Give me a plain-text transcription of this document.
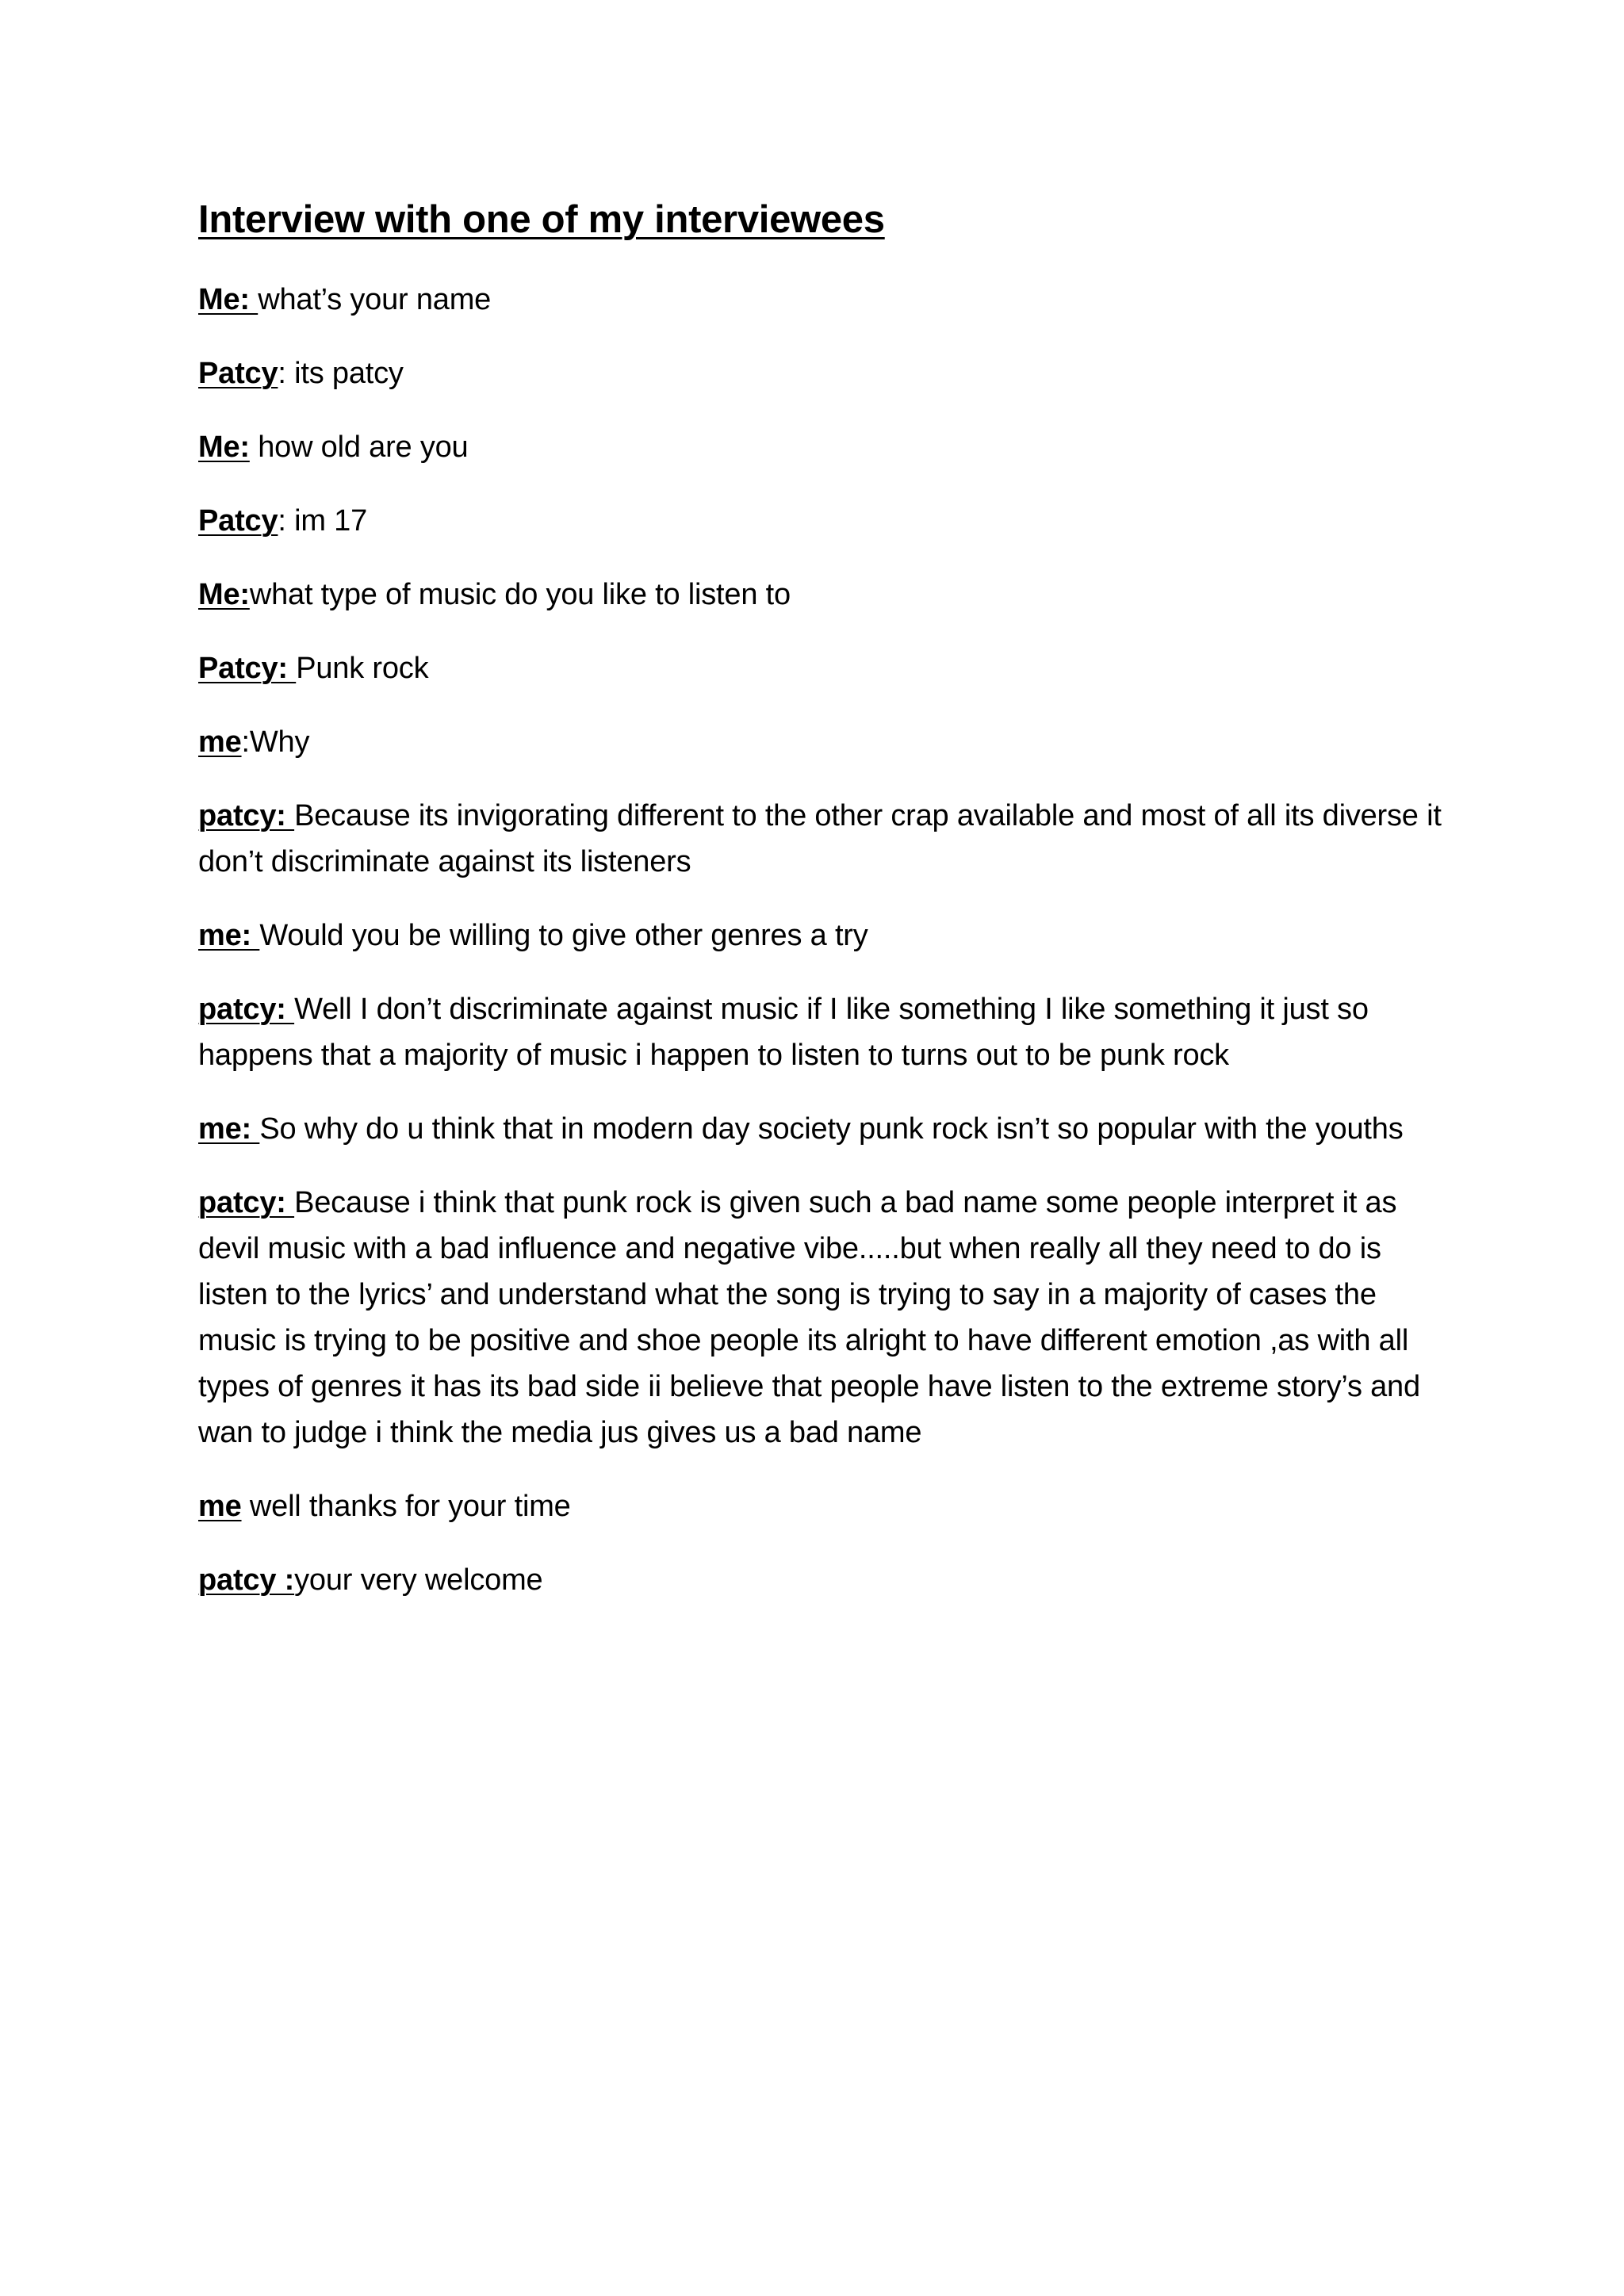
Interview with one of my interviewees

Me: what’s your name

Patcy: its patcy

Me: how old are you

Patcy: im 17

Me:what type of music do you like to listen to

Patcy: Punk rock

me:Why

patcy: Because its invigorating different to the other crap available and most of all its diverse it don’t discriminate against its listeners

me: Would you be willing to give other genres a try

patcy: Well I don’t discriminate against music if I like something I like something it just so happens that a majority of music i happen to listen to turns out to be punk rock

me: So why do u think that in modern day society punk rock isn’t so popular with the youths

patcy: Because i think that punk rock is given such a bad name some people interpret it as devil music with a bad influence and negative vibe.....but when really all they need to do is listen to the lyrics’ and understand what the song is trying to say in a majority of cases the music is trying to be positive and shoe people its alright to have different emotion ,as with all types of genres it has its bad side ii believe that people have listen to the extreme story’s and wan to judge i think the media jus gives us a bad name

me well thanks for your time

patcy :your very welcome
